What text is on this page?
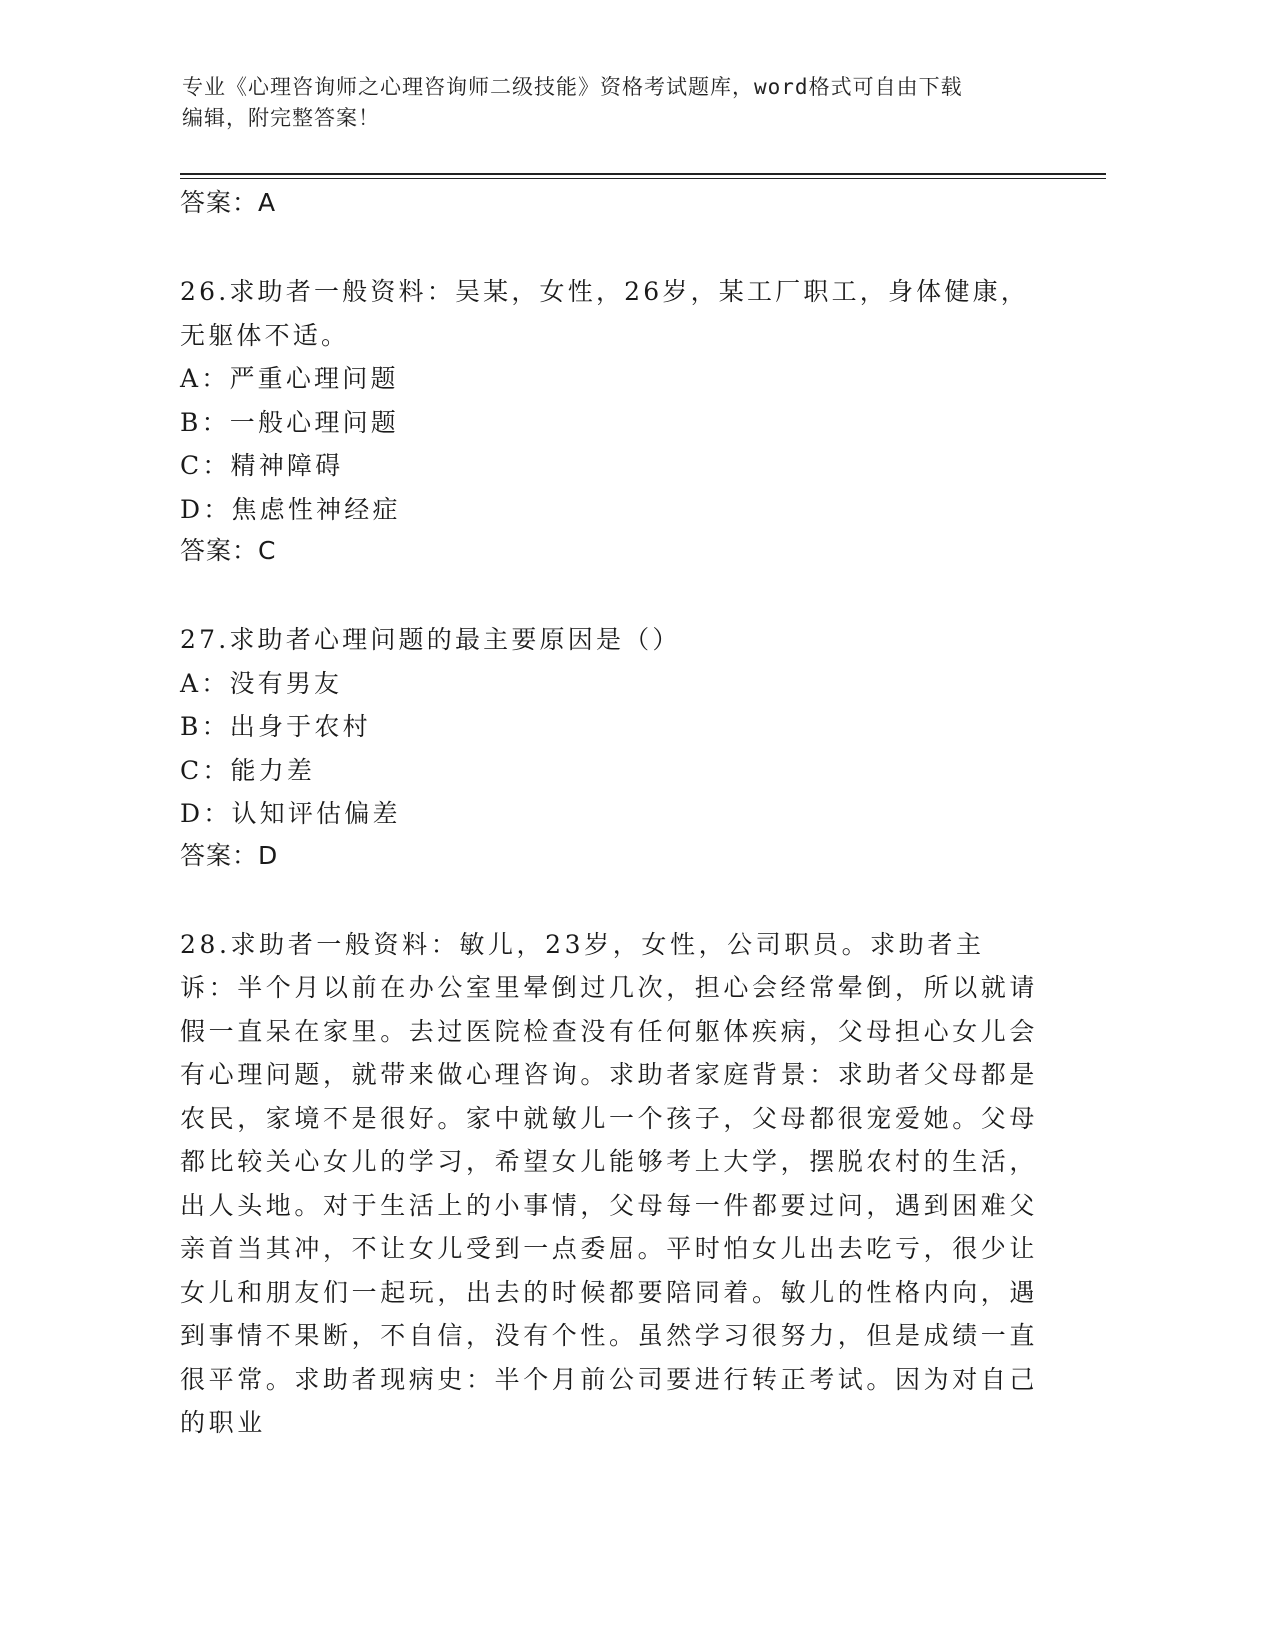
专业《心理咨询师之心理咨询师二级技能》资格考试题库，word格式可自由下载
编辑，附完整答案！

答案：A

26.求助者一般资料：吴某，女性，26岁，某工厂职工，身体健康，无躯体不适。

A：严重心理问题

B：一般心理问题

C：精神障碍

D：焦虑性神经症

答案：C

27.求助者心理问题的最主要原因是（）

A：没有男友

B：出身于农村

C：能力差

D：认知评估偏差

答案：D

28.求助者一般资料：敏儿，23岁，女性，公司职员。求助者主诉：半个月以前在办公室里晕倒过几次，担心会经常晕倒，所以就请假一直呆在家里。去过医院检查没有任何躯体疾病，父母担心女儿会有心理问题，就带来做心理咨询。求助者家庭背景：求助者父母都是农民，家境不是很好。家中就敏儿一个孩子，父母都很宠爱她。父母都比较关心女儿的学习，希望女儿能够考上大学，摆脱农村的生活，出人头地。对于生活上的小事情，父母每一件都要过问，遇到困难父亲首当其冲，不让女儿受到一点委屈。平时怕女儿出去吃亏，很少让女儿和朋友们一起玩，出去的时候都要陪同着。敏儿的性格内向，遇到事情不果断，不自信，没有个性。虽然学习很努力，但是成绩一直很平常。求助者现病史：半个月前公司要进行转正考试。因为对自己的职业
